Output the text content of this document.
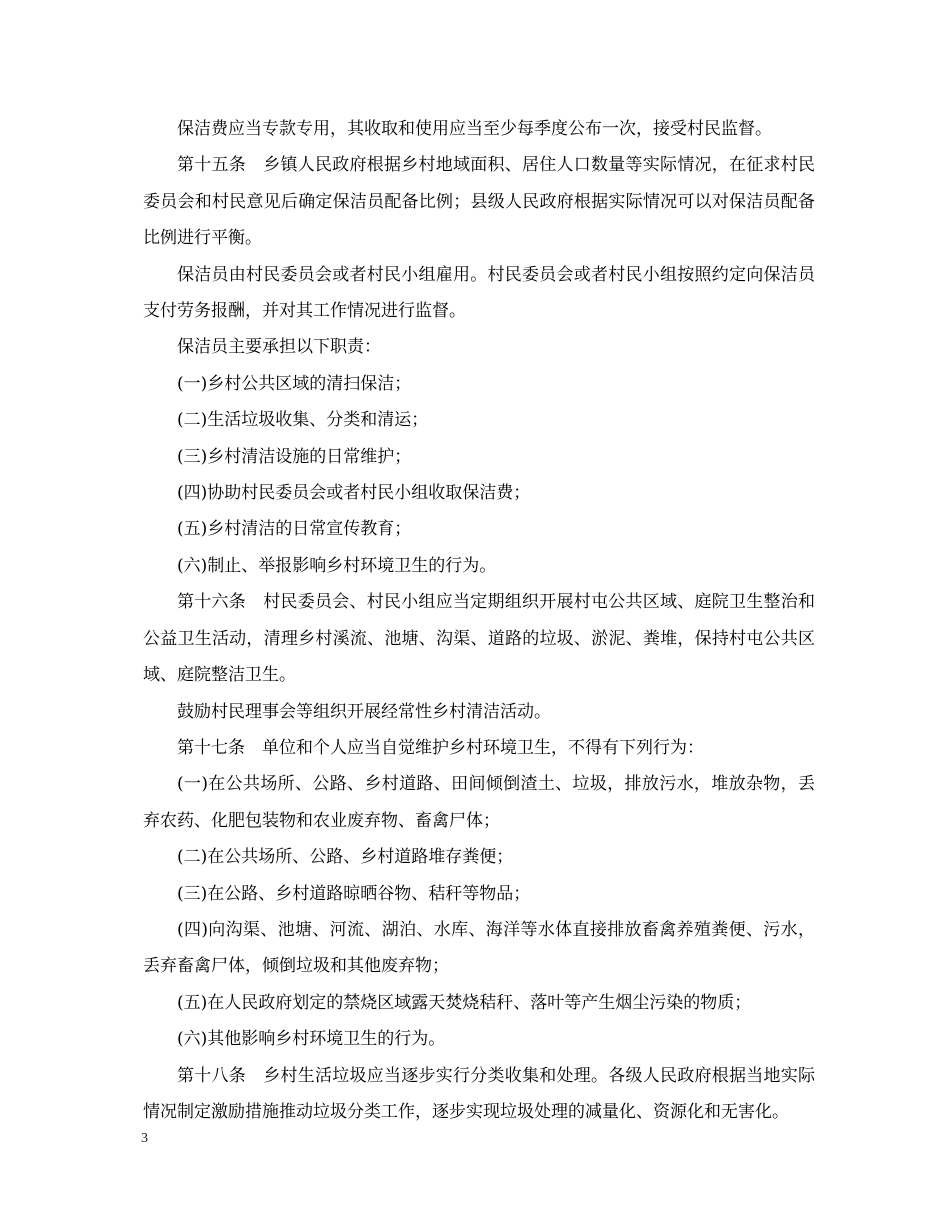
保洁费应当专款专用，其收取和使用应当至少每季度公布一次，接受村民监督。

第十五条　乡镇人民政府根据乡村地域面积、居住人口数量等实际情况，在征求村民委员会和村民意见后确定保洁员配备比例；县级人民政府根据实际情况可以对保洁员配备比例进行平衡。

保洁员由村民委员会或者村民小组雇用。村民委员会或者村民小组按照约定向保洁员支付劳务报酬，并对其工作情况进行监督。

保洁员主要承担以下职责：

(一)乡村公共区域的清扫保洁；

(二)生活垃圾收集、分类和清运；

(三)乡村清洁设施的日常维护；

(四)协助村民委员会或者村民小组收取保洁费；

(五)乡村清洁的日常宣传教育；

(六)制止、举报影响乡村环境卫生的行为。

第十六条　村民委员会、村民小组应当定期组织开展村屯公共区域、庭院卫生整治和公益卫生活动，清理乡村溪流、池塘、沟渠、道路的垃圾、淤泥、粪堆，保持村屯公共区域、庭院整洁卫生。

鼓励村民理事会等组织开展经常性乡村清洁活动。

第十七条　单位和个人应当自觉维护乡村环境卫生，不得有下列行为：

(一)在公共场所、公路、乡村道路、田间倾倒渣土、垃圾，排放污水，堆放杂物，丢弃农药、化肥包装物和农业废弃物、畜禽尸体；

(二)在公共场所、公路、乡村道路堆存粪便；

(三)在公路、乡村道路晾晒谷物、秸秆等物品；

(四)向沟渠、池塘、河流、湖泊、水库、海洋等水体直接排放畜禽养殖粪便、污水，丢弃畜禽尸体，倾倒垃圾和其他废弃物；

(五)在人民政府划定的禁烧区域露天焚烧秸秆、落叶等产生烟尘污染的物质；

(六)其他影响乡村环境卫生的行为。

第十八条　乡村生活垃圾应当逐步实行分类收集和处理。各级人民政府根据当地实际情况制定激励措施推动垃圾分类工作，逐步实现垃圾处理的减量化、资源化和无害化。

3
